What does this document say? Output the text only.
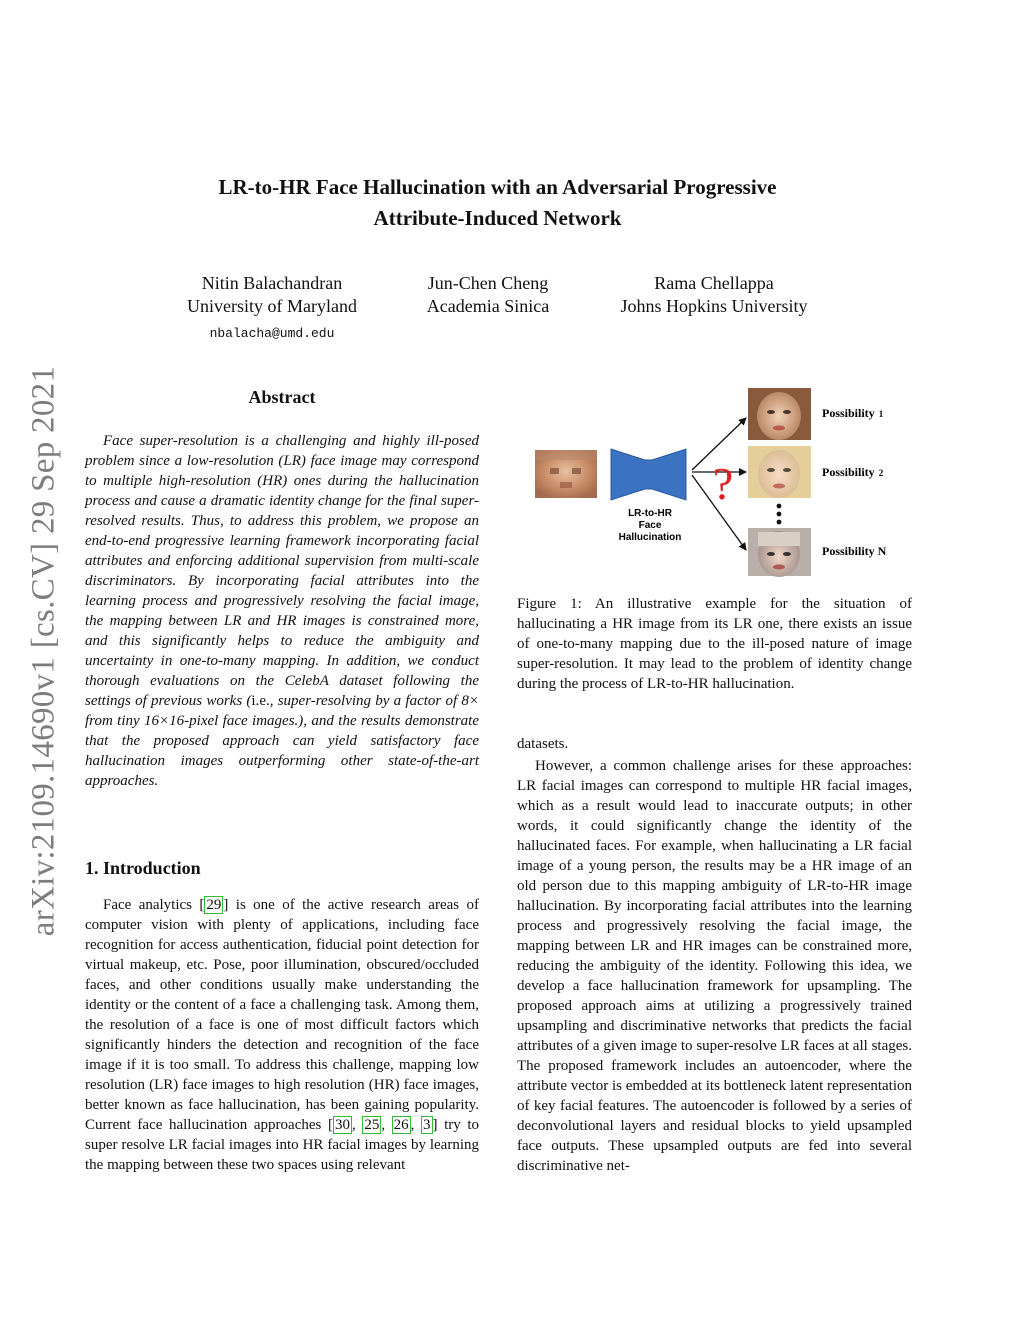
arXiv:2109.14690v1 [cs.CV] 29 Sep 2021
LR-to-HR Face Hallucination with an Adversarial Progressive
Attribute-Induced Network
Nitin Balachandran
University of Maryland
nbalacha@umd.edu
Jun-Chen Cheng
Academia Sinica
Rama Chellappa
Johns Hopkins University
Abstract

Face super-resolution is a challenging and highly ill-posed problem since a low-resolution (LR) face image may correspond to multiple high-resolution (HR) ones during the hallucination process and cause a dramatic identity change for the final super-resolved results. Thus, to address this problem, we propose an end-to-end progressive learning framework incorporating facial attributes and enforcing additional supervision from multi-scale discriminators. By incorporating facial attributes into the learning process and progressively resolving the facial image, the mapping between LR and HR images is constrained more, and this significantly helps to reduce the ambiguity and uncertainty in one-to-many mapping. In addition, we conduct thorough evaluations on the CelebA dataset following the settings of previous works (i.e., super-resolving by a factor of 8× from tiny 16×16-pixel face images.), and the results demonstrate that the proposed approach can yield satisfactory face hallucination images outperforming other state-of-the-art approaches.

1. Introduction

Face analytics [ 29 ] is one of the active research areas of computer vision with plenty of applications, including face recognition for access authentication, fiducial point detection for virtual makeup, etc. Pose, poor illumination, obscured/occluded faces, and other conditions usually make understanding the identity or the content of a face a challenging task. Among them, the resolution of a face is one of most difficult factors which significantly hinders the detection and recognition of the face image if it is too small. To address this challenge, mapping low resolution (LR) face images to high resolution (HR) face images, better known as face hallucination, has been gaining popularity. Current face hallucination approaches [ 30 , 25 , 26 , 3 ] try to super resolve LR facial images into HR facial images by learning the mapping between these two spaces using relevant

LR-to-HR
Face
Hallucination
?
Possibility 1
Possibility 2
Possibility N
Figure 1: An illustrative example for the situation of hallucinating a HR image from its LR one, there exists an issue of one-to-many mapping due to the ill-posed nature of image super-resolution. It may lead to the problem of identity change during the process of LR-to-HR hallucination.

datasets.

However, a common challenge arises for these approaches: LR facial images can correspond to multiple HR facial images, which as a result would lead to inaccurate outputs; in other words, it could significantly change the identity of the hallucinated faces. For example, when hallucinating a LR facial image of a young person, the results may be a HR image of an old person due to this mapping ambiguity of LR-to-HR image hallucination. By incorporating facial attributes into the learning process and progressively resolving the facial image, the mapping between LR and HR images can be constrained more, reducing the ambiguity of the identity. Following this idea, we develop a face hallucination framework for upsampling. The proposed approach aims at utilizing a progressively trained upsampling and discriminative networks that predicts the facial attributes of a given image to super-resolve LR faces at all stages. The proposed framework includes an autoencoder, where the attribute vector is embedded at its bottleneck latent representation of key facial features. The autoencoder is followed by a series of deconvolutional layers and residual blocks to yield upsampled face outputs. These upsampled outputs are fed into several discriminative net-
